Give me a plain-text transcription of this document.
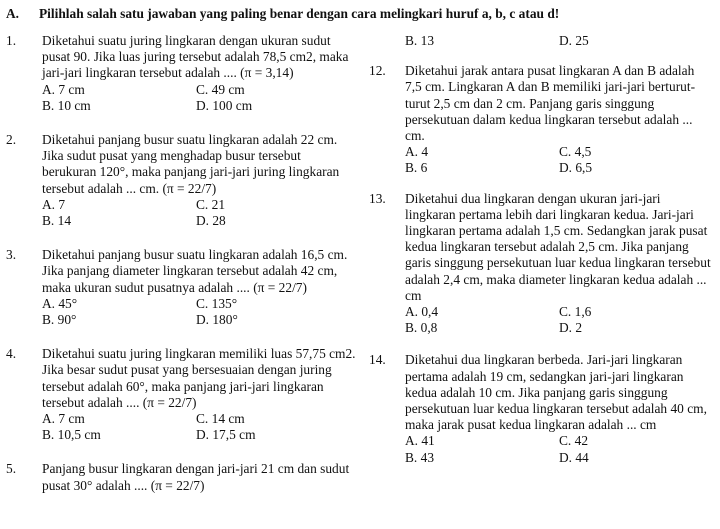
A. Pilihlah salah satu jawaban yang paling benar dengan cara melingkari huruf a, b, c atau d!
1. Diketahui suatu juring lingkaran dengan ukuran sudut pusat 90. Jika luas juring tersebut adalah 78,5 cm2, maka jari-jari lingkaran tersebut adalah .... (π = 3,14)
A. 7 cm	C. 49 cm
B. 10 cm	D. 100 cm
2. Diketahui panjang busur suatu lingkaran adalah 22 cm. Jika sudut pusat yang menghadap busur tersebut berukuran 120°, maka panjang jari-jari juring lingkaran tersebut adalah ... cm. (π = 22/7)
A. 7	C. 21
B. 14	D. 28
3. Diketahui panjang busur suatu lingkaran adalah 16,5 cm. Jika panjang diameter lingkaran tersebut adalah 42 cm, maka ukuran sudut pusatnya adalah .... (π = 22/7)
A. 45°	C. 135°
B. 90°	D. 180°
4. Diketahui suatu juring lingkaran memiliki luas 57,75 cm2. Jika besar sudut pusat yang bersesuaian dengan juring tersebut adalah 60°, maka panjang jari-jari lingkaran tersebut adalah .... (π = 22/7)
A. 7 cm	C. 14 cm
B. 10,5 cm	D. 17,5 cm
5. Panjang busur lingkaran dengan jari-jari 21 cm dan sudut pusat 30° adalah .... (π = 22/7)
B. 13	D. 25
12. Diketahui jarak antara pusat lingkaran A dan B adalah 7,5 cm. Lingkaran A dan B memiliki jari-jari berturut-turut 2,5 cm dan 2 cm. Panjang garis singgung persekutuan dalam kedua lingkaran tersebut adalah ... cm.
A. 4	C. 4,5
B. 6	D. 6,5
13. Diketahui dua lingkaran dengan ukuran jari-jari lingkaran pertama lebih dari lingkaran kedua. Jari-jari lingkaran pertama adalah 1,5 cm. Sedangkan jarak pusat kedua lingkaran tersebut adalah 2,5 cm. Jika panjang garis singgung persekutuan luar kedua lingkaran tersebut adalah 2,4 cm, maka diameter lingkaran kedua adalah ... cm
A. 0,4	C. 1,6
B. 0,8	D. 2
14. Diketahui dua lingkaran berbeda. Jari-jari lingkaran pertama adalah 19 cm, sedangkan jari-jari lingkaran kedua adalah 10 cm. Jika panjang garis singgung persekutuan luar kedua lingkaran tersebut adalah 40 cm, maka jarak pusat kedua lingkaran adalah ... cm
A. 41	C. 42
B. 43	D. 44
